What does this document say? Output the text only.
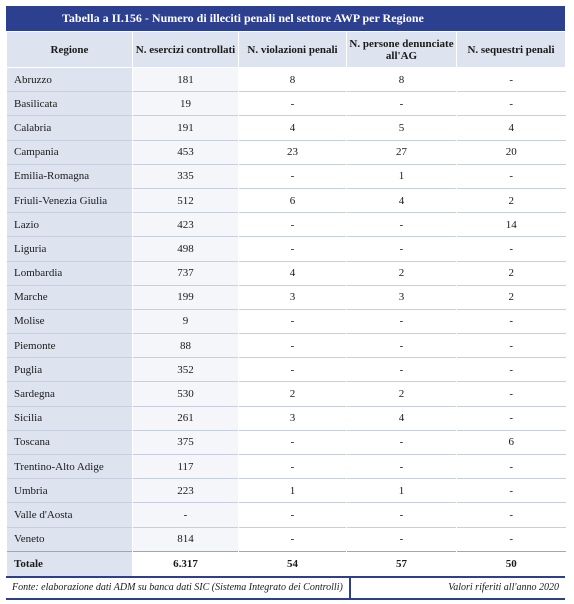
Tabella a II.156 - Numero di illeciti penali nel settore AWP per Regione
Regione	N. esercizi controllati	N. violazioni penali	N. persone denunciate all'AG	N. sequestri penali
Abruzzo	181	8	8	-
Basilicata	19	-	-	-
Calabria	191	4	5	4
Campania	453	23	27	20
Emilia-Romagna	335	-	1	-
Friuli-Venezia Giulia	512	6	4	2
Lazio	423	-	-	14
Liguria	498	-	-	-
Lombardia	737	4	2	2
Marche	199	3	3	2
Molise	9	-	-	-
Piemonte	88	-	-	-
Puglia	352	-	-	-
Sardegna	530	2	2	-
Sicilia	261	3	4	-
Toscana	375	-	-	6
Trentino-Alto Adige	117	-	-	-
Umbria	223	1	1	-
Valle d'Aosta	-	-	-	-
Veneto	814	-	-	-
Totale	6.317	54	57	50
Fonte: elaborazione dati ADM su banca dati SIC (Sistema Integrato dei Controlli)	Valori riferiti all'anno 2020
